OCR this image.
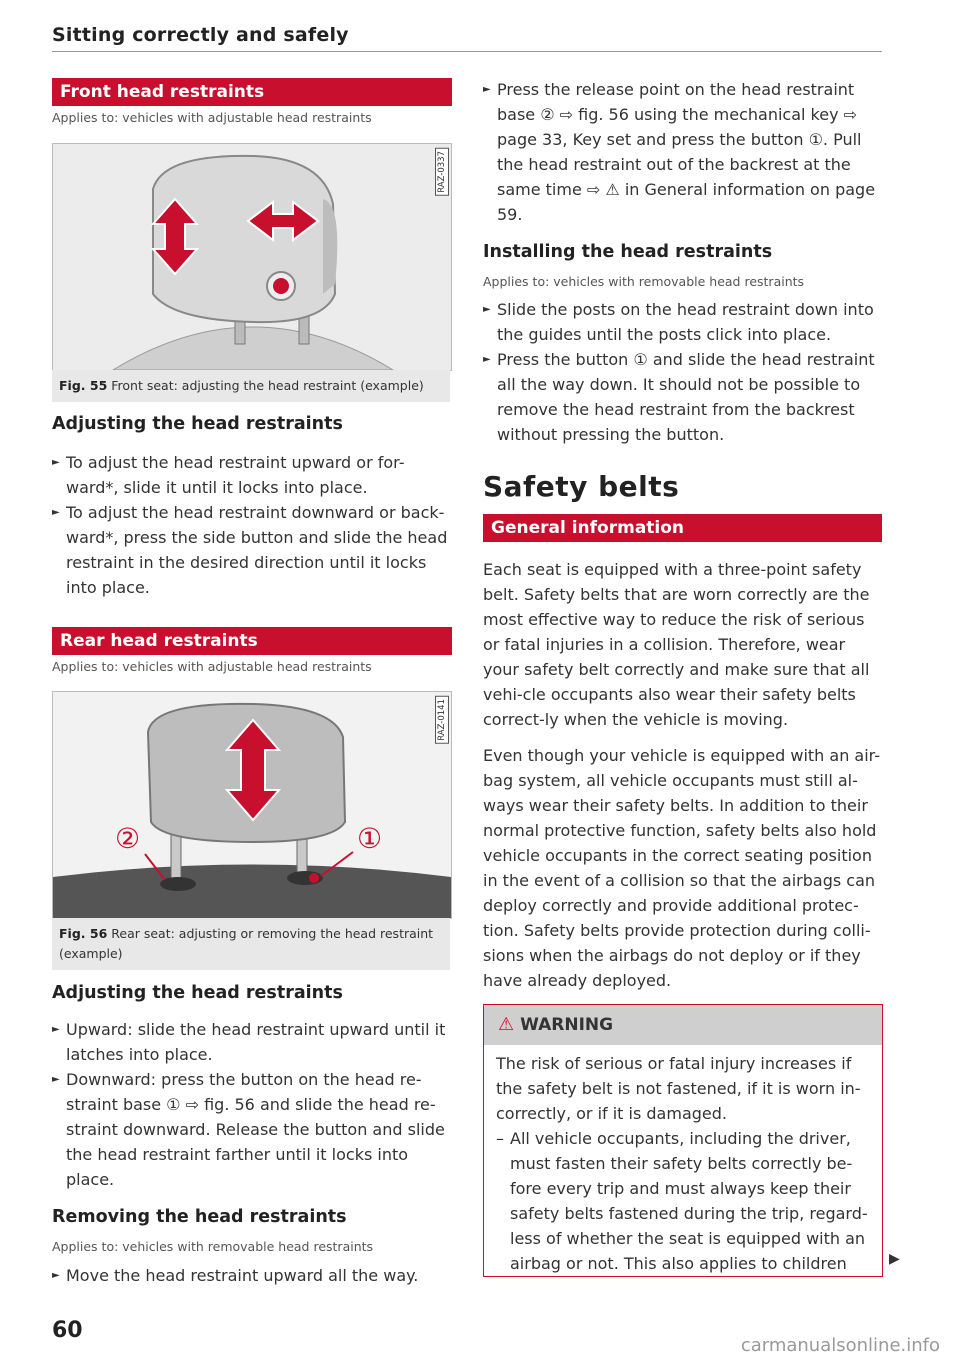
Sitting correctly and safely
Front head restraints
Applies to: vehicles with adjustable head restraints
RAZ-0337
Fig. 55 Front seat: adjusting the head restraint (example)
Adjusting the head restraints
► To adjust the head restraint upward or for-ward*, slide it until it locks into place.
► To adjust the head restraint downward or back-ward*, press the side button and slide the head restraint in the desired direction until it locks into place.
Rear head restraints
Applies to: vehicles with adjustable head restraints
②	①
RAZ-0141
Fig. 56 Rear seat: adjusting or removing the head restraint (example)
Adjusting the head restraints
► Upward: slide the head restraint upward until it latches into place.
► Downward: press the button on the head re-straint base ① ⇨ fig. 56 and slide the head re-straint downward. Release the button and slide the head restraint farther until it locks into place.
Removing the head restraints
Applies to: vehicles with removable head restraints
► Move the head restraint upward all the way.
► Press the release point on the head restraint base ② ⇨ fig. 56 using the mechanical key ⇨ page 33, Key set and press the button ①. Pull the head restraint out of the backrest at the same time ⇨ ⚠ in General information on page 59.
Installing the head restraints
Applies to: vehicles with removable head restraints
► Slide the posts on the head restraint down into the guides until the posts click into place.
► Press the button ① and slide the head restraint all the way down. It should not be possible to remove the head restraint from the backrest without pressing the button.
Safety belts
General information
Each seat is equipped with a three-point safety belt. Safety belts that are worn correctly are the most effective way to reduce the risk of serious or fatal injuries in a collision. Therefore, wear your safety belt correctly and make sure that all vehi-cle occupants also wear their safety belts correct-ly when the vehicle is moving.
Even though your vehicle is equipped with an air-bag system, all vehicle occupants must still al-ways wear their safety belts. In addition to their normal protective function, safety belts also hold vehicle occupants in the correct seating position in the event of a collision so that the airbags can deploy correctly and provide additional protec-tion. Safety belts provide protection during colli-sions when the airbags do not deploy or if they have already deployed.
⚠ WARNING
The risk of serious or fatal injury increases if the safety belt is not fastened, if it is worn in-correctly, or if it is damaged.
– All vehicle occupants, including the driver, must fasten their safety belts correctly be-fore every trip and must always keep their safety belts fastened during the trip, regard-less of whether the seat is equipped with an airbag or not. This also applies to children	▶
60
carmanualsonline.info
